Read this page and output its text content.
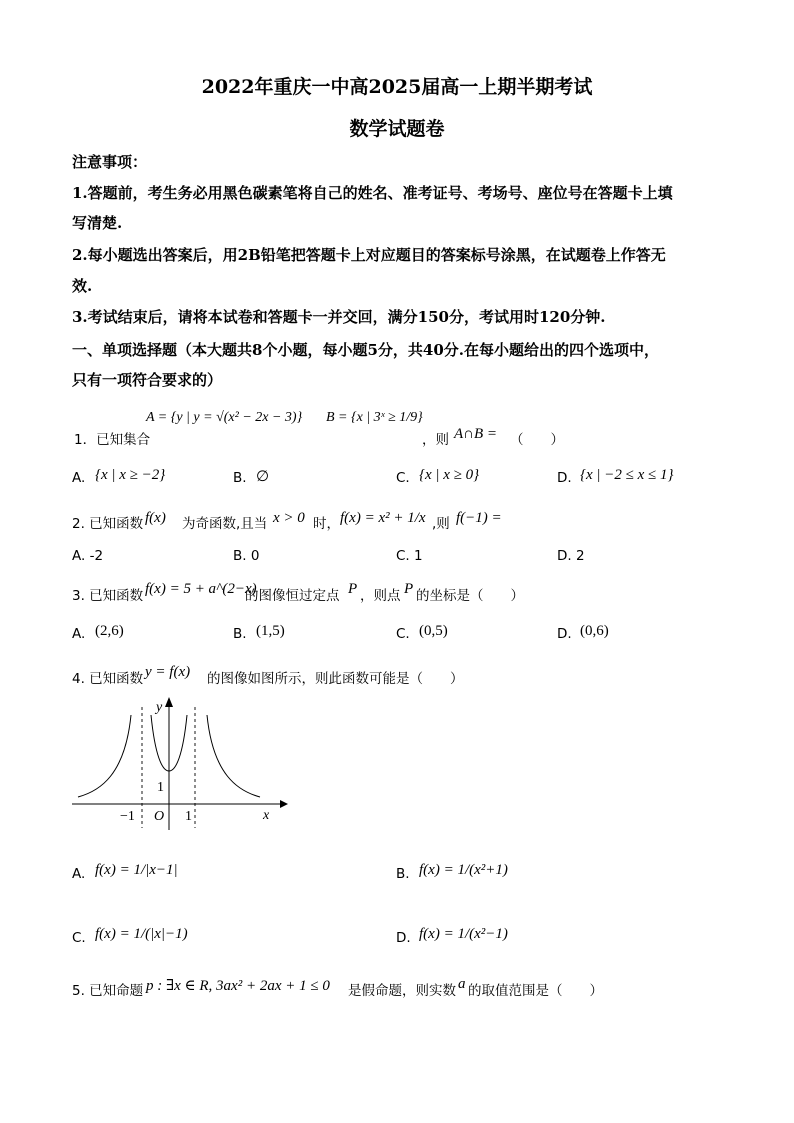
2022年重庆一中高2025届高一上期半期考试
数学试题卷
注意事项：
1.答题前，考生务必用黑色碳素笔将自己的姓名、准考证号、考场号、座位号在答题卡上填
写清楚.
2.每小题选出答案后，用2B铅笔把答题卡上对应题目的答案标号涂黑，在试题卷上作答无
效.
3.考试结束后，请将本试卷和答题卡一并交回，满分150分，考试用时120分钟.
一、单项选择题（本大题共8个小题，每小题5分，共40分.在每小题给出的四个选项中，
只有一项符合要求的）
1．已知集合
A = {y | y = √(x² − 2x − 3)} B = {x | 3ˣ ≥ 1/9}
，则 A∩B = （　　）
A. {x | x ≥ −2}	B. ∅	C. {x | x ≥ 0}	D. {x | −2 ≤ x ≤ 1}
2. 已知函数 f(x) 为奇函数,且当 x > 0 时， f(x) = x² + 1/x ,则 f(−1) =
A. -2	B. 0	C. 1	D. 2
3. 已知函数 f(x) = 5 + a^(2−x)
的图像恒过定点 P ，则点 P 的坐标是（　　）
A. (2,6)	B. (1,5)	C. (0,5)	D. (0,6)
4. 已知函数 y = f(x) 的图像如图所示，则此函数可能是（　　）
y
x
O
−1	1
1
A. f(x) = 1/|x−1|	B. f(x) = 1/(x²+1)
C. f(x) = 1/(|x|−1)	D. f(x) = 1/(x²−1)
5. 已知命题 p : ∃x ∈ R, 3ax² + 2ax + 1 ≤ 0 是假命题，则实数 a 的取值范围是（　　）
